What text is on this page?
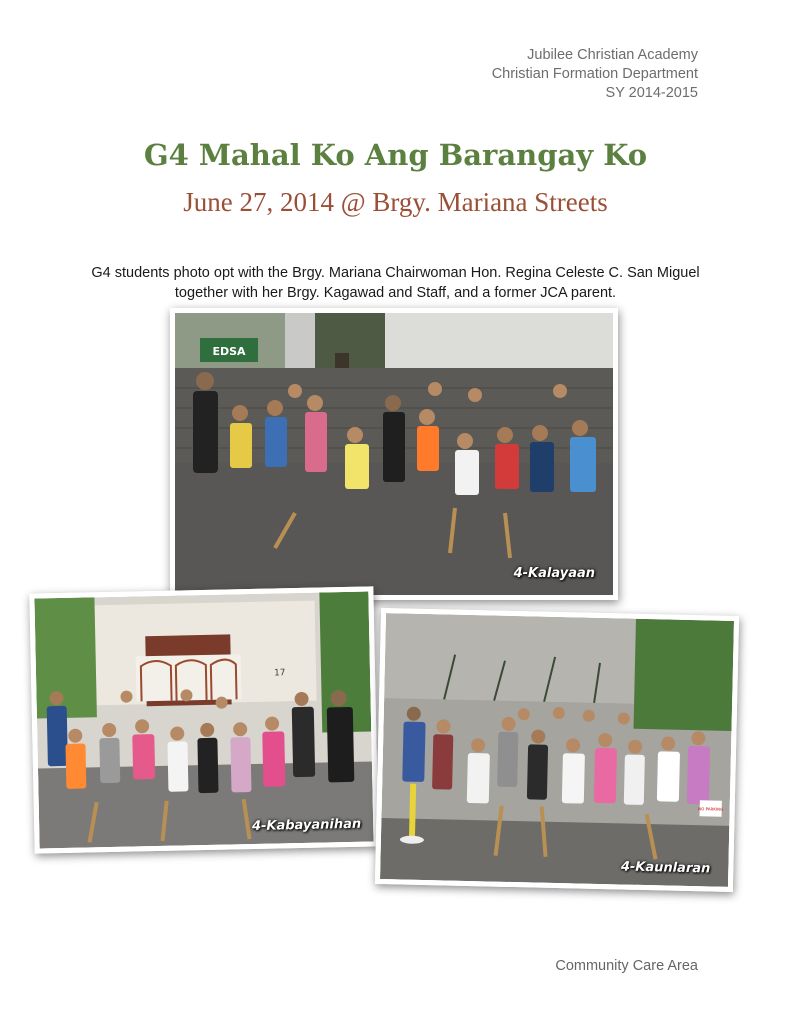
Jubilee Christian Academy
Christian Formation Department
SY 2014-2015
G4 Mahal Ko Ang Barangay Ko
June 27, 2014 @ Brgy. Mariana Streets
G4 students photo opt with the Brgy. Mariana Chairwoman Hon. Regina Celeste C. San Miguel
together with her Brgy. Kagawad and Staff, and a former JCA parent.
EDSA
4-Kalayaan
17
4-Kabayanihan
NO PARKING
4-Kaunlaran
Community Care Area
